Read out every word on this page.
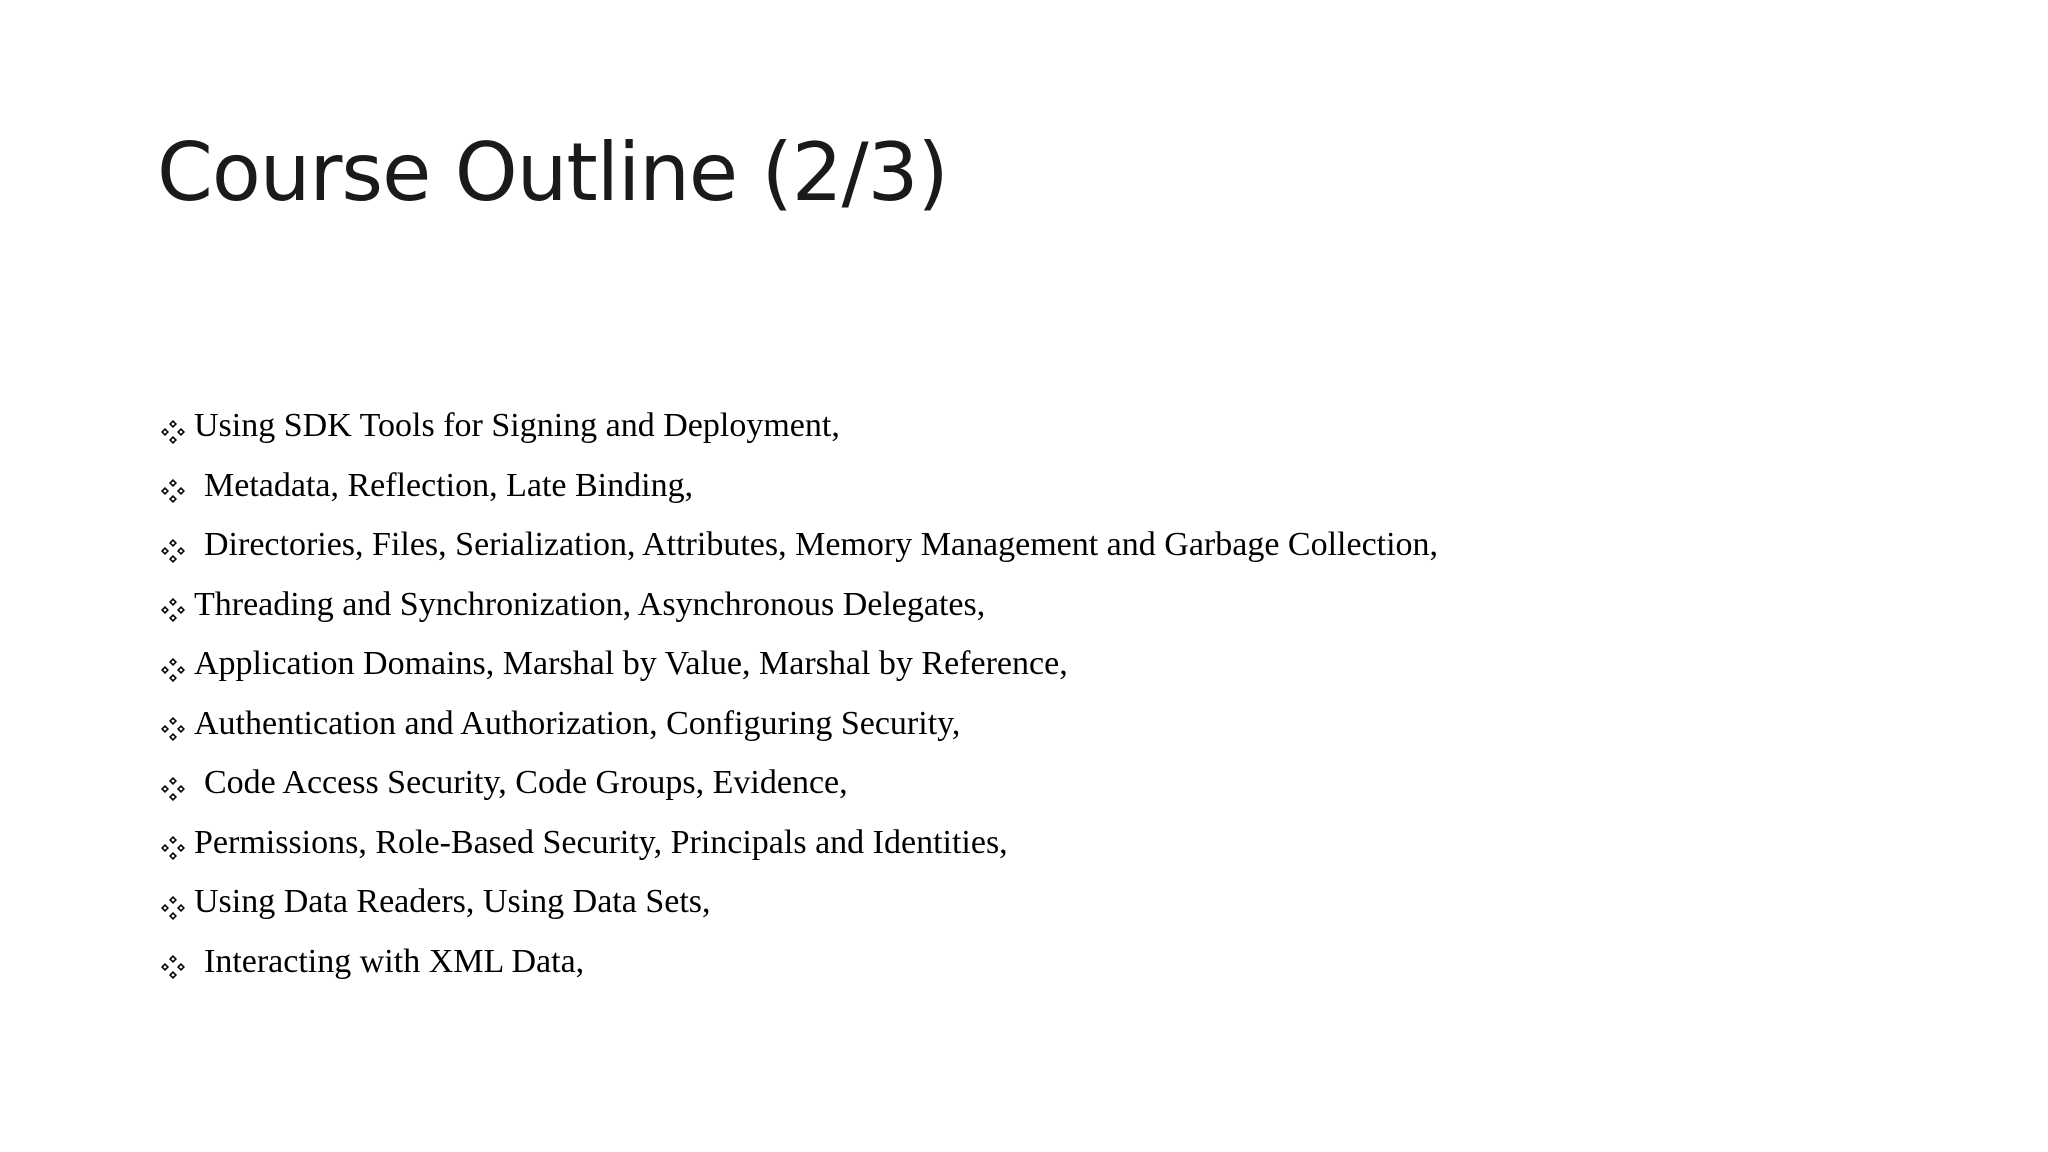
Course Outline (2/3)
Using SDK Tools for Signing and Deployment,
Metadata, Reflection, Late Binding,
Directories, Files, Serialization, Attributes, Memory Management and Garbage Collection,
Threading and Synchronization, Asynchronous Delegates,
Application Domains, Marshal by Value, Marshal by Reference,
Authentication and Authorization, Configuring Security,
Code Access Security, Code Groups, Evidence,
Permissions, Role-Based Security, Principals and Identities,
Using Data Readers, Using Data Sets,
Interacting with XML Data,
